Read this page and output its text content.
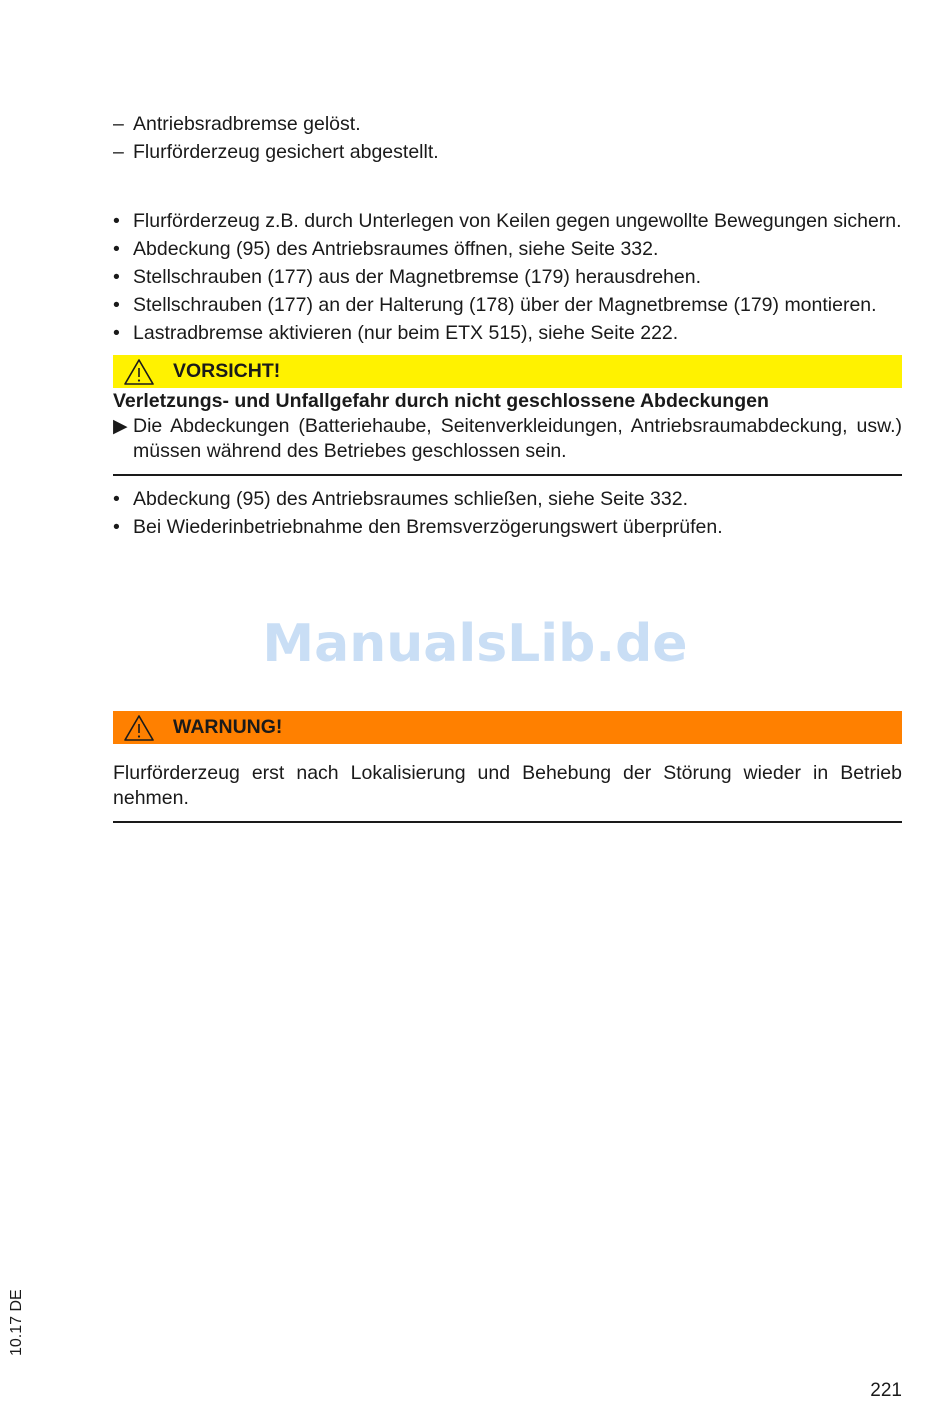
– Antriebsradbremse gelöst.
– Flurförderzeug gesichert abgestellt.
• Flurförderzeug z.B. durch Unterlegen von Keilen gegen ungewollte Bewegungen sichern.
• Abdeckung (95) des Antriebsraumes öffnen, siehe Seite 332.
• Stellschrauben (177) aus der Magnetbremse (179) herausdrehen.
• Stellschrauben (177) an der Halterung (178) über der Magnetbremse (179) montieren.
• Lastradbremse aktivieren (nur beim ETX 515), siehe Seite 222.
VORSICHT!
Verletzungs- und Unfallgefahr durch nicht geschlossene Abdeckungen
▶ Die Abdeckungen (Batteriehaube, Seitenverkleidungen, Antriebsraumabdeckung, usw.) müssen während des Betriebes geschlossen sein.
• Abdeckung (95) des Antriebsraumes schließen, siehe Seite 332.
• Bei Wiederinbetriebnahme den Bremsverzögerungswert überprüfen.
ManualsLib.de
WARNUNG!
Flurförderzeug erst nach Lokalisierung und Behebung der Störung wieder in Betrieb nehmen.
10.17 DE
221
